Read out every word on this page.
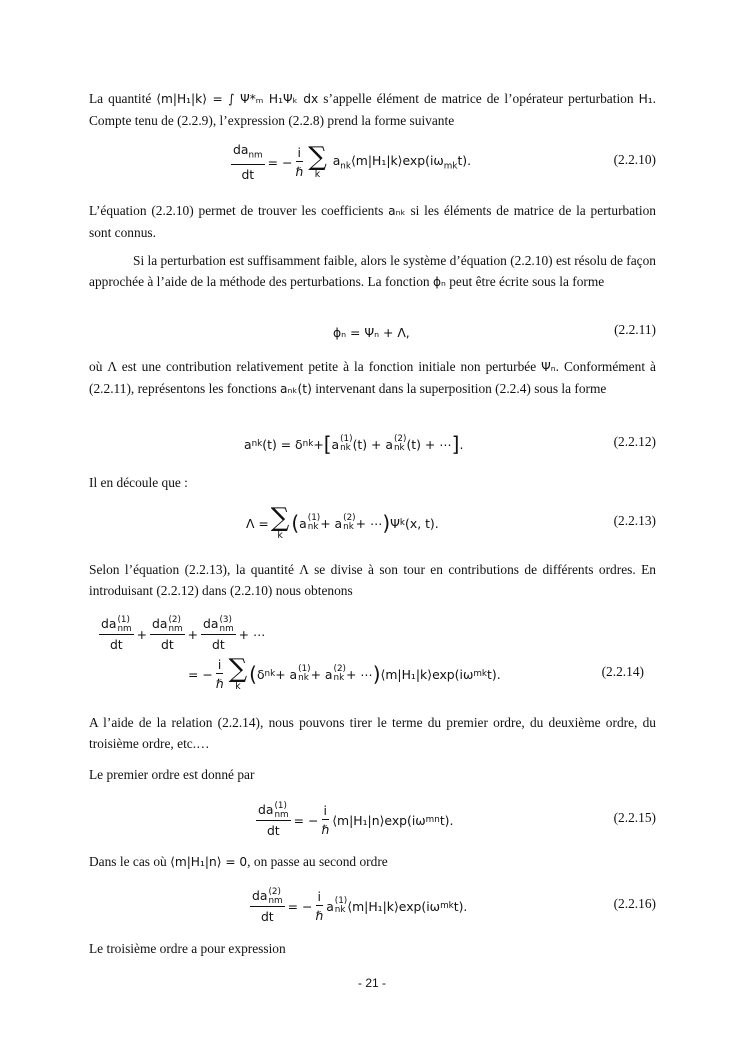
La quantité ⟨m|H₁|k⟩ = ∫ Ψ*ₘ H₁Ψₖ dx s’appelle élément de matrice de l’opérateur perturbation H₁. Compte tenu de (2.2.9), l’expression (2.2.8) prend la forme suivante
$\frac{da_{nm}}{dt}$ = − $\frac{i}{\text{ℏ}}$ ∑
k
$a_{nk}⟨m|H_1|k⟩\exp(i\omega_{mk}t)$.	(2.2.10)
L’équation (2.2.10) permet de trouver les coefficients aₙₖ si les éléments de matrice de la perturbation sont connus.
Si la perturbation est suffisamment faible, alors le système d’équation (2.2.10) est résolu de façon approchée à l’aide de la méthode des perturbations. La fonction ϕₙ peut être écrite sous la forme
ϕₙ = Ψₙ + Λ,	(2.2.11)
où Λ est une contribution relativement petite à la fonction initiale non perturbée Ψₙ. Conformément à (2.2.11), représentons les fonctions aₙₖ(t) intervenant dans la superposition (2.2.4) sous la forme
a nk (t) = δ nk + [ a (1)
nk (t) + a (2)
nk (t) + ⋯ ] .	(2.2.12)
Il en découle que :
Λ = ∑
k
( a (1)
nk + a (2)
nk + ⋯ ) Ψ k (x, t).	(2.2.13)
Selon l’équation (2.2.13), la quantité Λ se divise à son tour en contributions de différents ordres. En introduisant (2.2.12) dans (2.2.10) nous obtenons
da (1)
nm
dt + da (2)
nm
dt + da (3)
nm
dt + ⋯
= − $\frac{i}{\text{ℏ}}$ ∑
k
( δ nk + a (1)
nk + a (2)
nk + ⋯ ) ⟨m|H₁|k⟩exp(iω mk t).	(2.2.14)
A l’aide de la relation (2.2.14), nous pouvons tirer le terme du premier ordre, du deuxième ordre, du troisième ordre, etc.…
Le premier ordre est donné par
da (1)
nm
dt = − $\frac{i}{\text{ℏ}}$ ⟨m|H₁|n⟩exp(iω mn t).	(2.2.15)
Dans le cas où ⟨m|H₁|n⟩ = 0, on passe au second ordre
da (2)
nm
dt = − $\frac{i}{\text{ℏ}}$ a (1)
nk ⟨m|H₁|k⟩exp(iω mk t).	(2.2.16)
Le troisième ordre a pour expression
- 21 -
